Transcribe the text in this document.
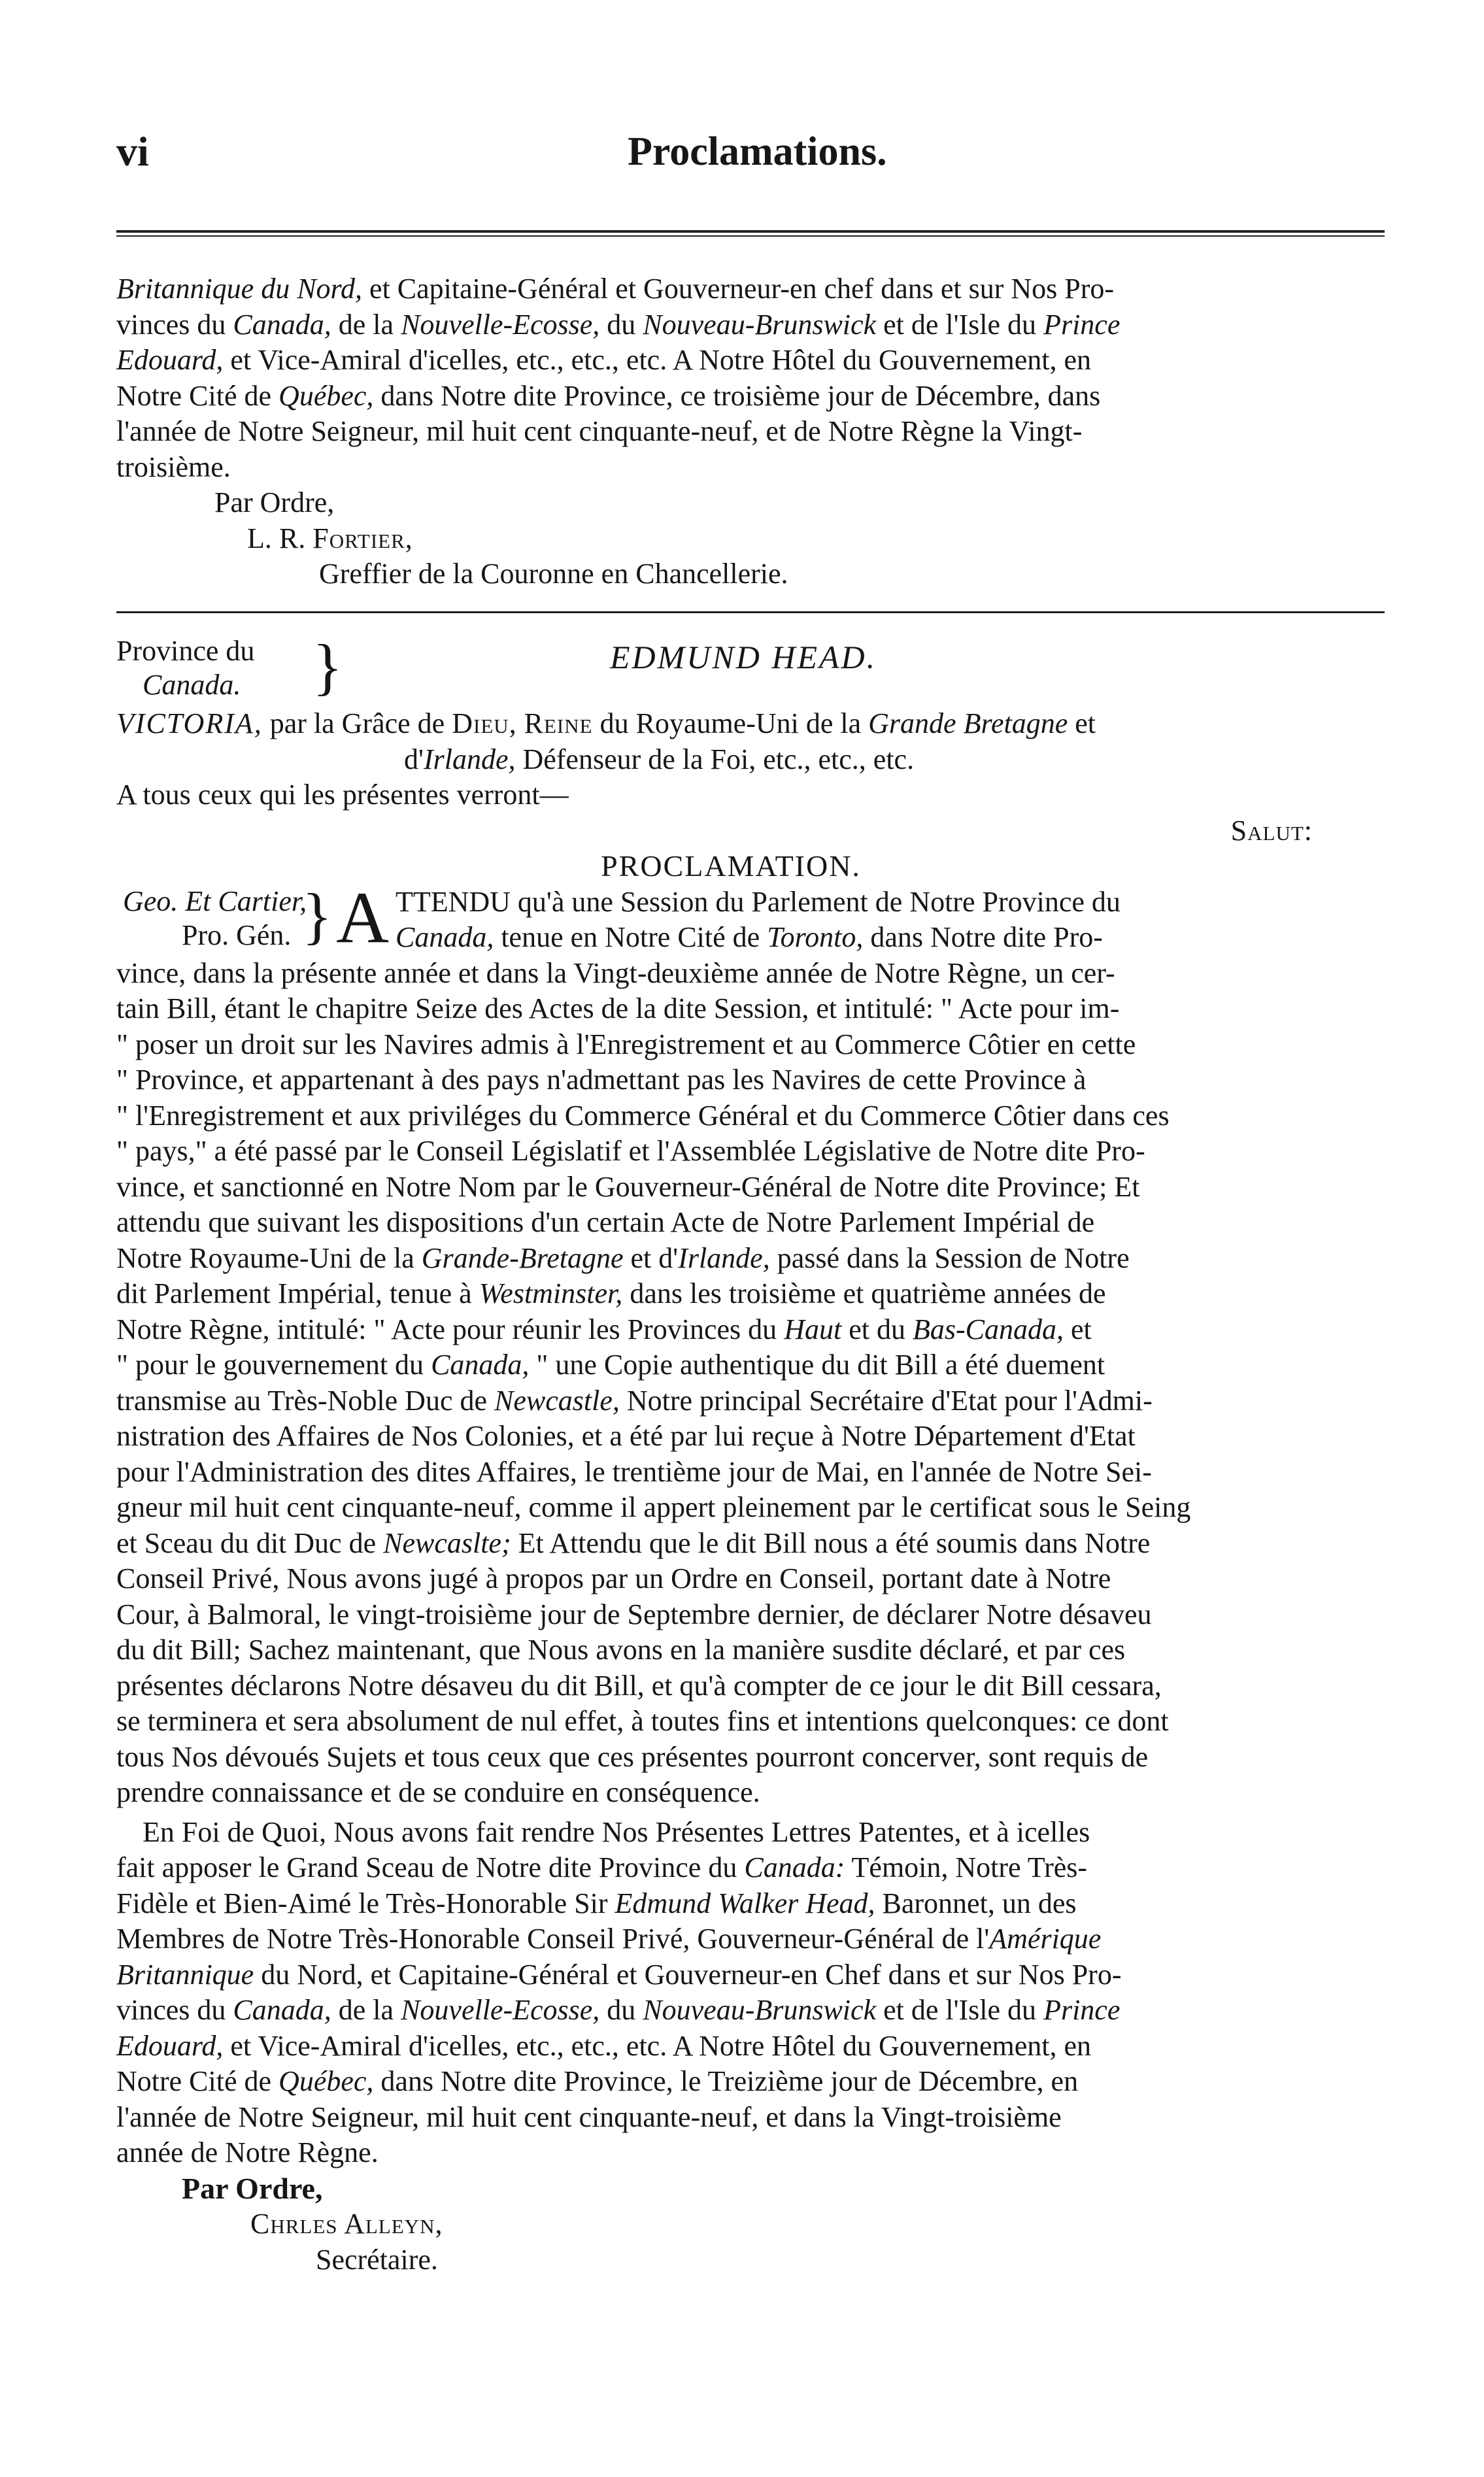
vi	Proclamations.
Britannique du Nord, et Capitaine-Général et Gouverneur-en chef dans et sur Nos Pro-
vinces du Canada, de la Nouvelle-Ecosse, du Nouveau-Brunswick et de l'Isle du Prince
Edouard, et Vice-Amiral d'icelles, etc., etc., etc. A Notre Hôtel du Gouvernement, en
Notre Cité de Québec, dans Notre dite Province, ce troisième jour de Décembre, dans
l'année de Notre Seigneur, mil huit cent cinquante-neuf, et de Notre Règne la Vingt-
troisième.
Par Ordre,
L. R. Fortier,
Greffier de la Couronne en Chancellerie.
Province du
Canada. }	EDMUND HEAD.
VICTORIA, par la Grâce de Dieu, Reine du Royaume-Uni de la Grande Bretagne et
d'Irlande, Défenseur de la Foi, etc., etc., etc.
A tous ceux qui les présentes verront—
Salut:
PROCLAMATION.
Geo. Et Cartier,
Pro. Gén. } A TTENDU qu'à une Session du Parlement de Notre Province du
Canada, tenue en Notre Cité de Toronto, dans Notre dite Pro-
vince, dans la présente année et dans la Vingt-deuxième année de Notre Règne, un cer-
tain Bill, étant le chapitre Seize des Actes de la dite Session, et intitulé: " Acte pour im-
" poser un droit sur les Navires admis à l'Enregistrement et au Commerce Côtier en cette
" Province, et appartenant à des pays n'admettant pas les Navires de cette Province à
" l'Enregistrement et aux priviléges du Commerce Général et du Commerce Côtier dans ces
" pays," a été passé par le Conseil Législatif et l'Assemblée Législative de Notre dite Pro-
vince, et sanctionné en Notre Nom par le Gouverneur-Général de Notre dite Province; Et
attendu que suivant les dispositions d'un certain Acte de Notre Parlement Impérial de
Notre Royaume-Uni de la Grande-Bretagne et d'Irlande, passé dans la Session de Notre
dit Parlement Impérial, tenue à Westminster, dans les troisième et quatrième années de
Notre Règne, intitulé: " Acte pour réunir les Provinces du Haut et du Bas-Canada, et
" pour le gouvernement du Canada, " une Copie authentique du dit Bill a été duement
transmise au Très-Noble Duc de Newcastle, Notre principal Secrétaire d'Etat pour l'Admi-
nistration des Affaires de Nos Colonies, et a été par lui reçue à Notre Département d'Etat
pour l'Administration des dites Affaires, le trentième jour de Mai, en l'année de Notre Sei-
gneur mil huit cent cinquante-neuf, comme il appert pleinement par le certificat sous le Seing
et Sceau du dit Duc de Newcaslte; Et Attendu que le dit Bill nous a été soumis dans Notre
Conseil Privé, Nous avons jugé à propos par un Ordre en Conseil, portant date à Notre
Cour, à Balmoral, le vingt-troisième jour de Septembre dernier, de déclarer Notre désaveu
du dit Bill; Sachez maintenant, que Nous avons en la manière susdite déclaré, et par ces
présentes déclarons Notre désaveu du dit Bill, et qu'à compter de ce jour le dit Bill cessara,
se terminera et sera absolument de nul effet, à toutes fins et intentions quelconques: ce dont
tous Nos dévoués Sujets et tous ceux que ces présentes pourront concerver, sont requis de
prendre connaissance et de se conduire en conséquence.
En Foi de Quoi, Nous avons fait rendre Nos Présentes Lettres Patentes, et à icelles
fait apposer le Grand Sceau de Notre dite Province du Canada: Témoin, Notre Très-
Fidèle et Bien-Aimé le Très-Honorable Sir Edmund Walker Head, Baronnet, un des
Membres de Notre Très-Honorable Conseil Privé, Gouverneur-Général de l'Amérique
Britannique du Nord, et Capitaine-Général et Gouverneur-en Chef dans et sur Nos Pro-
vinces du Canada, de la Nouvelle-Ecosse, du Nouveau-Brunswick et de l'Isle du Prince
Edouard, et Vice-Amiral d'icelles, etc., etc., etc. A Notre Hôtel du Gouvernement, en
Notre Cité de Québec, dans Notre dite Province, le Treizième jour de Décembre, en
l'année de Notre Seigneur, mil huit cent cinquante-neuf, et dans la Vingt-troisième
année de Notre Règne.
Par Ordre,
Chrles Alleyn,
Secrétaire.
